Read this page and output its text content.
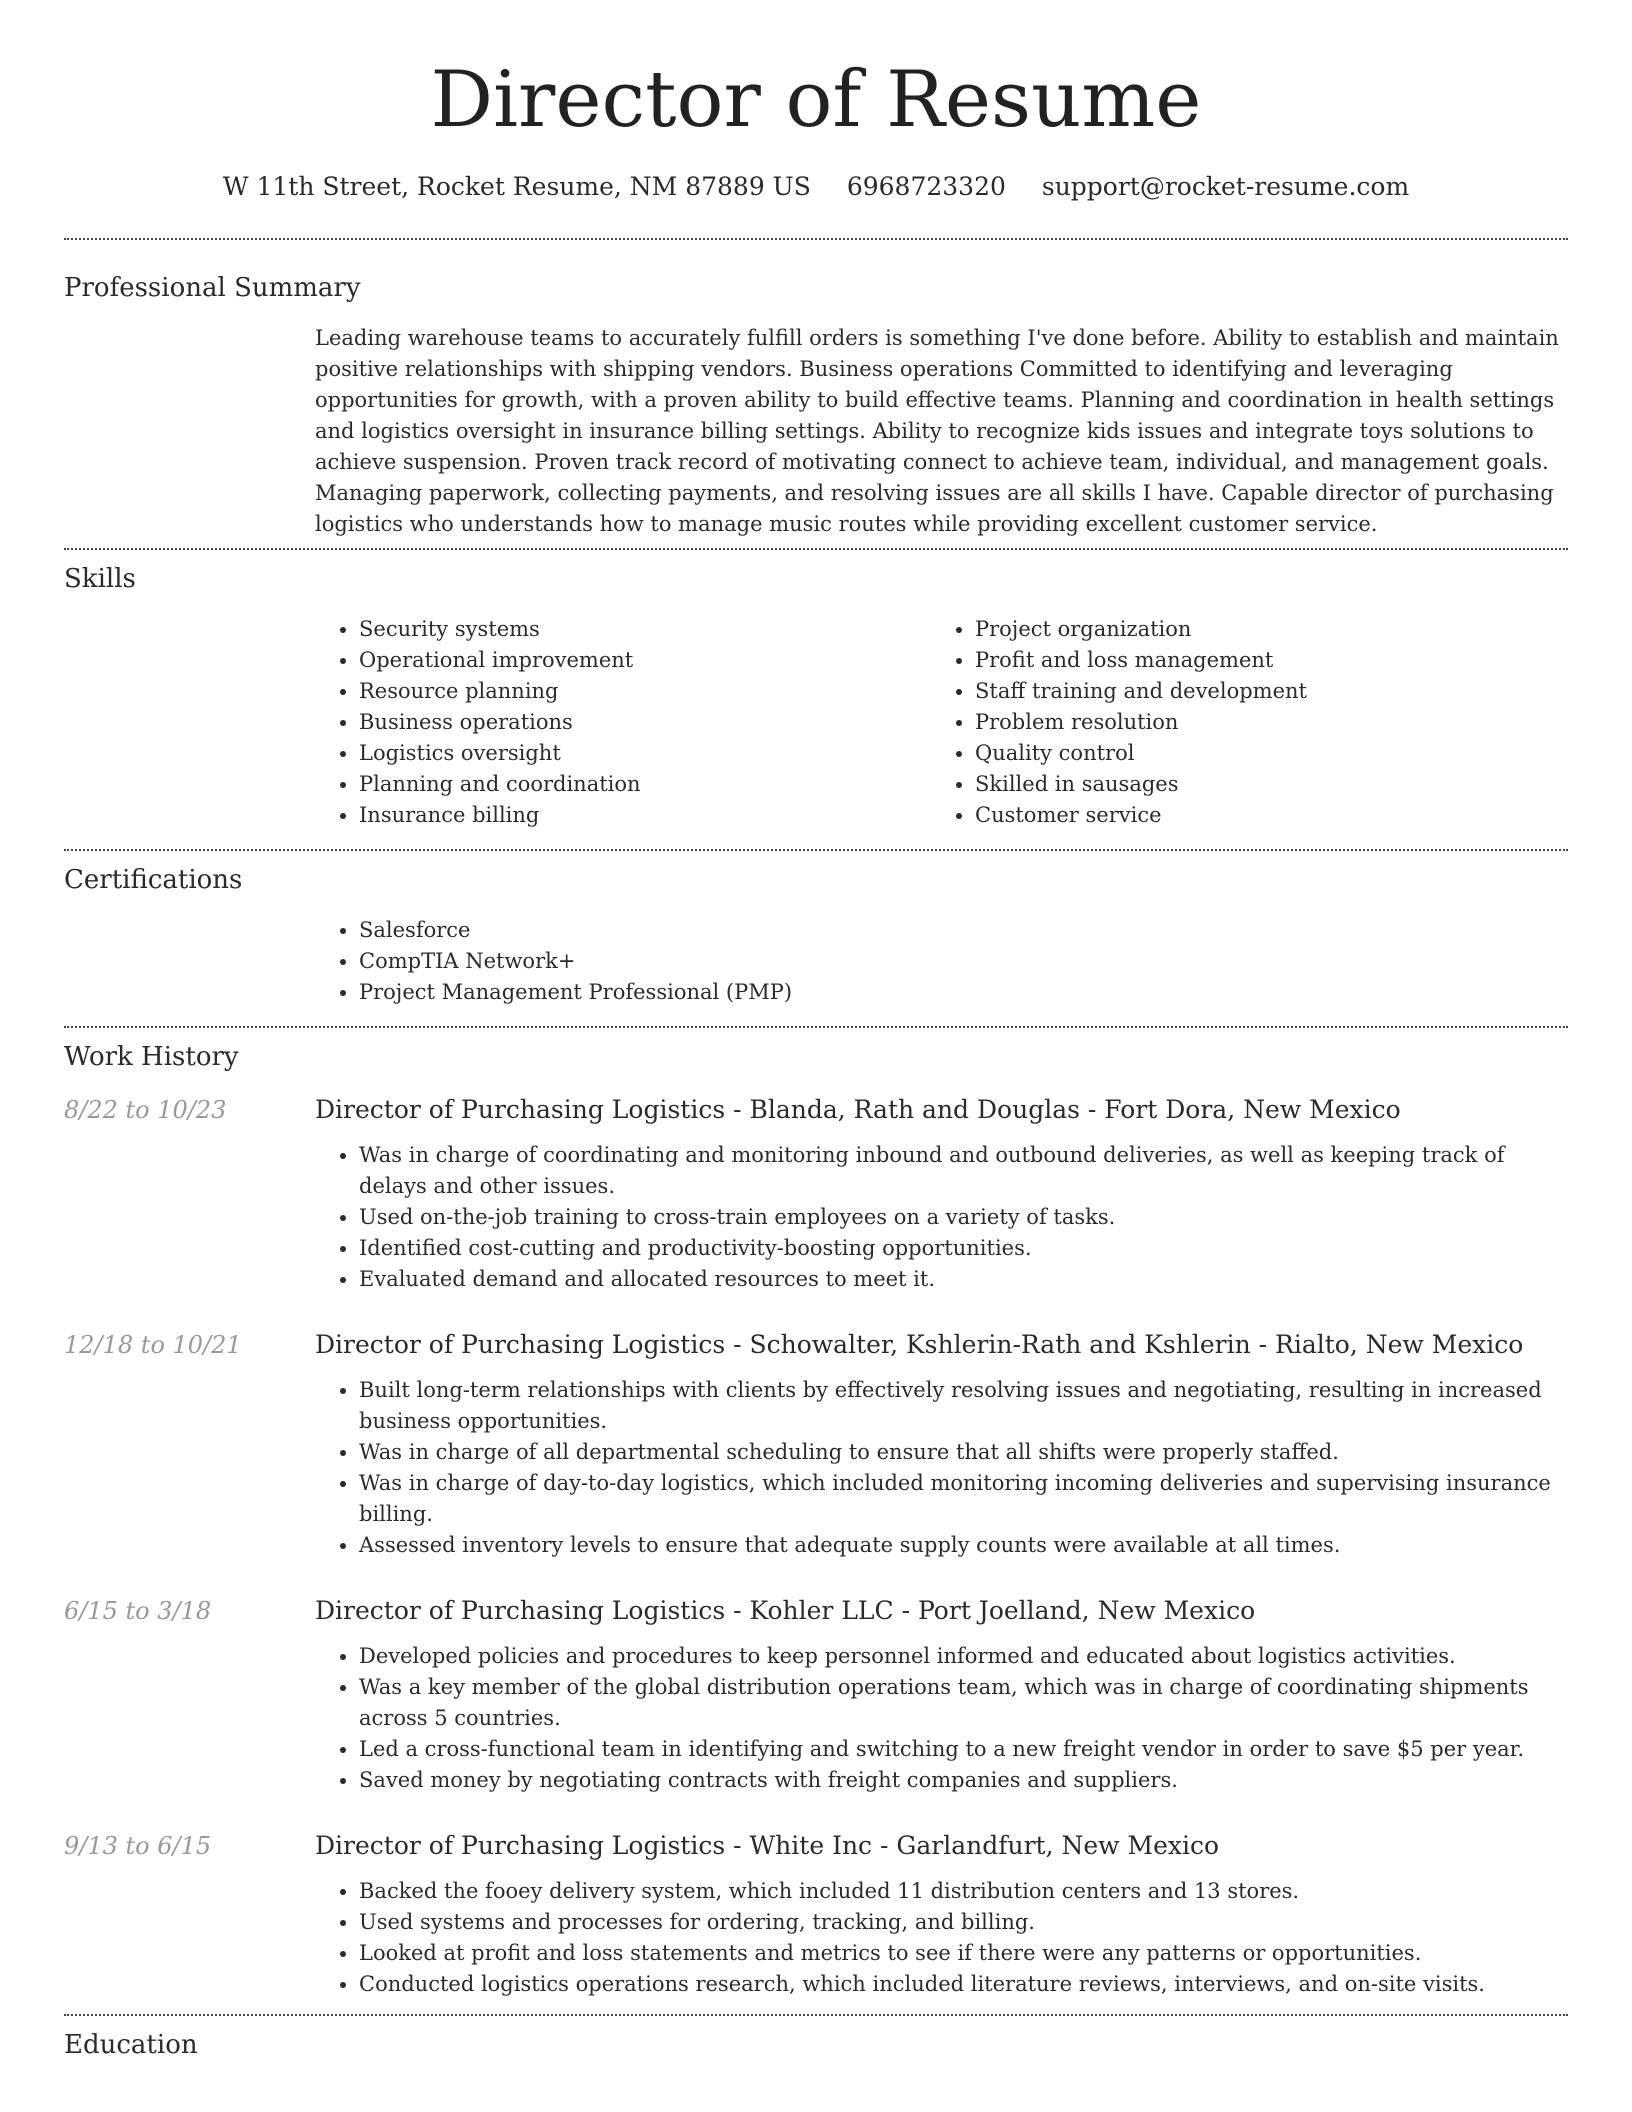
Director of Resume
W 11th Street, Rocket Resume, NM 87889 US 6968723320 support@rocket-resume.com
Professional Summary

Leading warehouse teams to accurately fulfill orders is something I've done before. Ability to establish and maintain positive relationships with shipping vendors. Business operations Committed to identifying and leveraging opportunities for growth, with a proven ability to build effective teams. Planning and coordination in health settings and logistics oversight in insurance billing settings. Ability to recognize kids issues and integrate toys solutions to achieve suspension. Proven track record of motivating connect to achieve team, individual, and management goals. Managing paperwork, collecting payments, and resolving issues are all skills I have. Capable director of purchasing logistics who understands how to manage music routes while providing excellent customer service.

Skills
• Security systems
• Operational improvement
• Resource planning
• Business operations
• Logistics oversight
• Planning and coordination
• Insurance billing
• Project organization
• Profit and loss management
• Staff training and development
• Problem resolution
• Quality control
• Skilled in sausages
• Customer service
Certifications
• Salesforce
• CompTIA Network+
• Project Management Professional (PMP)
Work History
8/22 to 10/23	Director of Purchasing Logistics - Blanda, Rath and Douglas - Fort Dora, New Mexico
• Was in charge of coordinating and monitoring inbound and outbound deliveries, as well as keeping track of delays and other issues.
• Used on-the-job training to cross-train employees on a variety of tasks.
• Identified cost-cutting and productivity-boosting opportunities.
• Evaluated demand and allocated resources to meet it.
12/18 to 10/21	Director of Purchasing Logistics - Schowalter, Kshlerin-Rath and Kshlerin - Rialto, New Mexico
• Built long-term relationships with clients by effectively resolving issues and negotiating, resulting in increased business opportunities.
• Was in charge of all departmental scheduling to ensure that all shifts were properly staffed.
• Was in charge of day-to-day logistics, which included monitoring incoming deliveries and supervising insurance billing.
• Assessed inventory levels to ensure that adequate supply counts were available at all times.
6/15 to 3/18	Director of Purchasing Logistics - Kohler LLC - Port Joelland, New Mexico
• Developed policies and procedures to keep personnel informed and educated about logistics activities.
• Was a key member of the global distribution operations team, which was in charge of coordinating shipments across 5 countries.
• Led a cross-functional team in identifying and switching to a new freight vendor in order to save $5 per year.
• Saved money by negotiating contracts with freight companies and suppliers.
9/13 to 6/15	Director of Purchasing Logistics - White Inc - Garlandfurt, New Mexico
• Backed the fooey delivery system, which included 11 distribution centers and 13 stores.
• Used systems and processes for ordering, tracking, and billing.
• Looked at profit and loss statements and metrics to see if there were any patterns or opportunities.
• Conducted logistics operations research, which included literature reviews, interviews, and on-site visits.
Education
